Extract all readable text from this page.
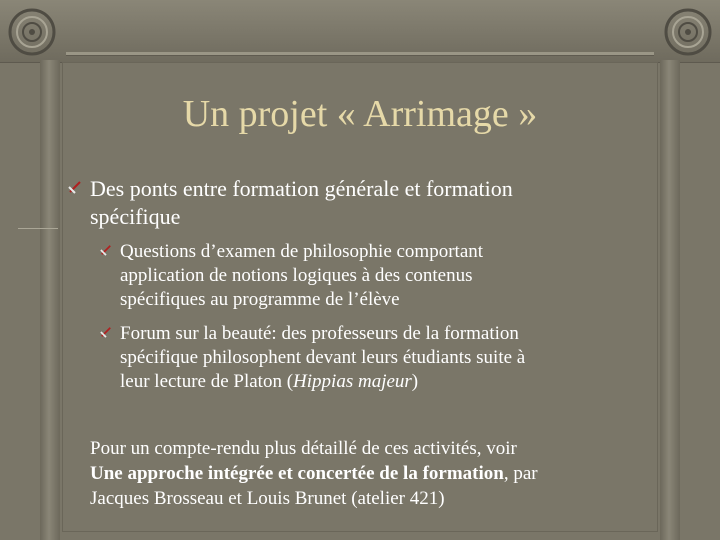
Un projet « Arrimage »
Des ponts entre formation générale et formation
spécifique
Questions d’examen de philosophie comportant
application de notions logiques à des contenus
spécifiques au programme de l’élève
Forum sur la beauté: des professeurs de la formation
spécifique philosophent devant leurs étudiants suite à
leur lecture de Platon (Hippias majeur)
Pour un compte-rendu plus détaillé de ces activités, voir
Une approche intégrée et concertée de la formation, par
Jacques Brosseau et Louis Brunet (atelier 421)
